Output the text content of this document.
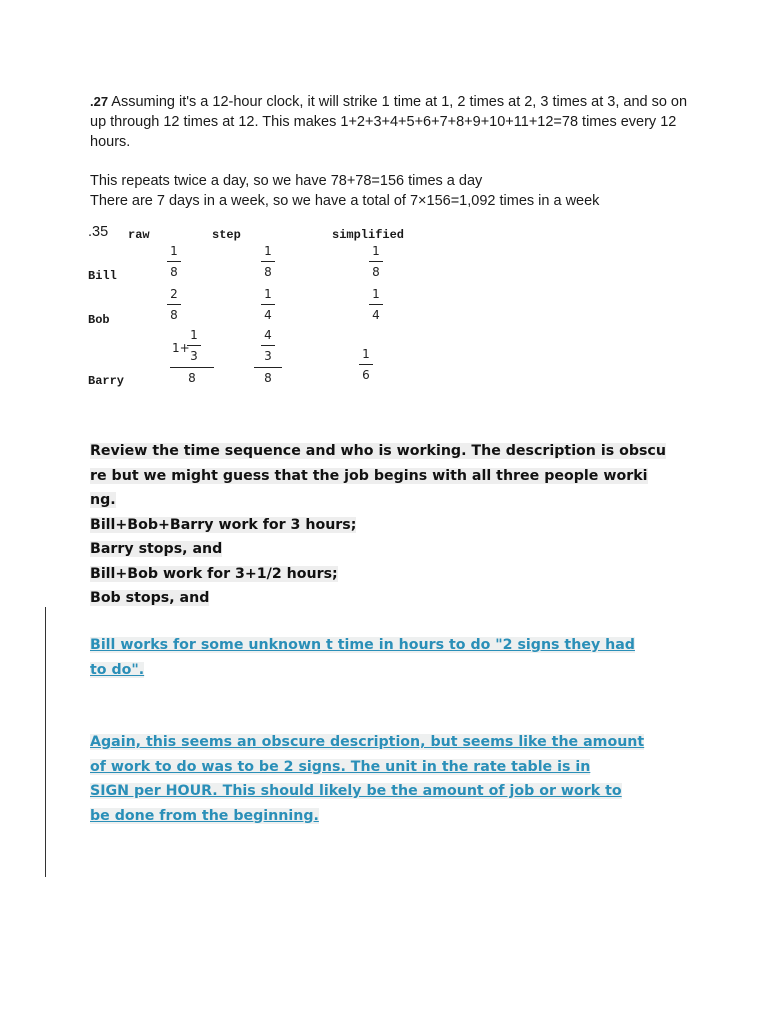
.27 Assuming it's a 12-hour clock, it will strike 1 time at 1, 2 times at 2, 3 times at 3, and so on up through 12 times at 12. This makes 1+2+3+4+5+6+7+8+9+10+11+12=78 times every 12 hours.

This repeats twice a day, so we have 78+78=156 times a day
There are 7 days in a week, so we have a total of 7×156=1,092 times in a week

.35 raw	step	simplified
Bill
1
8
1
8
1
8
Bob
2
8
1
4
1
4
Barry
1+
1
3
8
4
3
8
1
6
Review the time sequence and who is working. The description is obscu
re but we might guess that the job begins with all three people worki
ng.
Bill+Bob+Barry work for 3 hours;
Barry stops, and
Bill+Bob work for 3+1/2 hours;
Bob stops, and
Bill works for some unknown t time in hours to do "2 signs they had
to do".
Again, this seems an obscure description, but seems like the amount
of work to do was to be 2 signs. The unit in the rate table is in
SIGN per HOUR. This should likely be the amount of job or work to
be done from the beginning.
